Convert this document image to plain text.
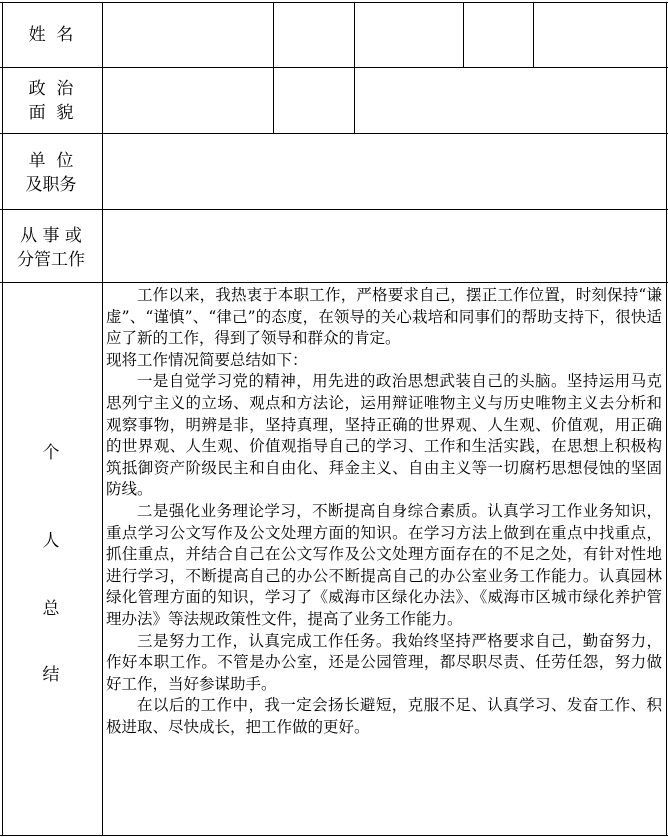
姓  名
政  治
面  貌
单  位
及职务
从 事 或
分管工作
个
人
总
结

工作以来，我热衷于本职工作，严格要求自己，摆正工作位置，时刻保持“谦虚”、“谨慎”、“律己”的态度，在领导的关心栽培和同事们的帮助支持下，很快适应了新的工作，得到了领导和群众的肯定。

现将工作情况简要总结如下：

一是自觉学习党的精神，用先进的政治思想武装自己的头脑。坚持运用马克思列宁主义的立场、观点和方法论，运用辩证唯物主义与历史唯物主义去分析和观察事物，明辨是非，坚持真理，坚持正确的世界观、人生观、价值观，用正确的世界观、人生观、价值观指导自己的学习、工作和生活实践，在思想上积极构筑抵御资产阶级民主和自由化、拜金主义、自由主义等一切腐朽思想侵蚀的坚固防线。

二是强化业务理论学习，不断提高自身综合素质。认真学习工作业务知识，重点学习公文写作及公文处理方面的知识。在学习方法上做到在重点中找重点，抓住重点，并结合自己在公文写作及公文处理方面存在的不足之处，有针对性地进行学习，不断提高自己的办公不断提高自己的办公室业务工作能力。认真园林绿化管理方面的知识，学习了《威海市区绿化办法》、《威海市区城市绿化养护管理办法》等法规政策性文件，提高了业务工作能力。

三是努力工作，认真完成工作任务。我始终坚持严格要求自己，勤奋努力，作好本职工作。不管是办公室，还是公园管理，都尽职尽责、任劳任怨，努力做好工作，当好参谋助手。

在以后的工作中，我一定会扬长避短，克服不足、认真学习、发奋工作、积极进取、尽快成长，把工作做的更好。
